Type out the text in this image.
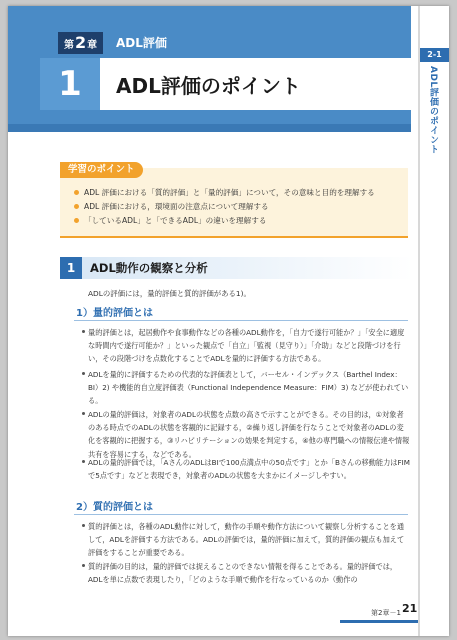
第2章	ADL評価
1	ADL評価のポイント
2-1
ADL評価のポイント
学習のポイント
ADL 評価における「質的評価」と「量的評価」について，その意味と目的を理解する
ADL 評価における，環境面の注意点について理解する
「しているADL」と「できるADL」の違いを理解する
1	ADL動作の観察と分析
ADLの評価には，量的評価と質的評価がある1)。
1）量的評価とは
量的評価とは，起居動作や食事動作などの各種のADL動作を，「自力で遂行可能か？」「安全に適度な時間内で遂行可能か？」といった観点で「自立」「監視（見守り）」「介助」などと段階づけを行い，その段階づけを点数化することでADLを量的に評価する方法である。
ADLを量的に評価するための代表的な評価表として，バーセル・インデックス（Barthel Index：BI）2) や機能的自立度評価表（Functional Independence Measure：FIM）3) などが使われている。
ADLの量的評価は，対象者のADLの状態を点数の高さで示すことができる。その目的は，①対象者のある時点でのADLの状態を客観的に記録する，②繰り返し評価を行なうことで対象者のADLの変化を客観的に把握する，③リハビリテーションの効果を判定する，④他の専門職への情報伝達や情報共有を容易にする，などである。
ADLの量的評価では，「AさんのADLはBIで100点満点中の50点です」とか「Bさんの移動能力はFIMで5点です」などと表現でき，対象者のADLの状態を大まかにイメージしやすい。
2）質的評価とは
質的評価とは，各種のADL動作に対して，動作の手順や動作方法について観察し分析することを通して，ADLを評価する方法である。ADLの評価では，量的評価に加えて，質的評価の観点も加えて評価をすることが重要である。
質的評価の目的は，量的評価では捉えることのできない情報を得ることである。量的評価では，ADLを単に点数で表現したり，「どのような手順で動作を行なっているのか（動作の
第2章－1 21
